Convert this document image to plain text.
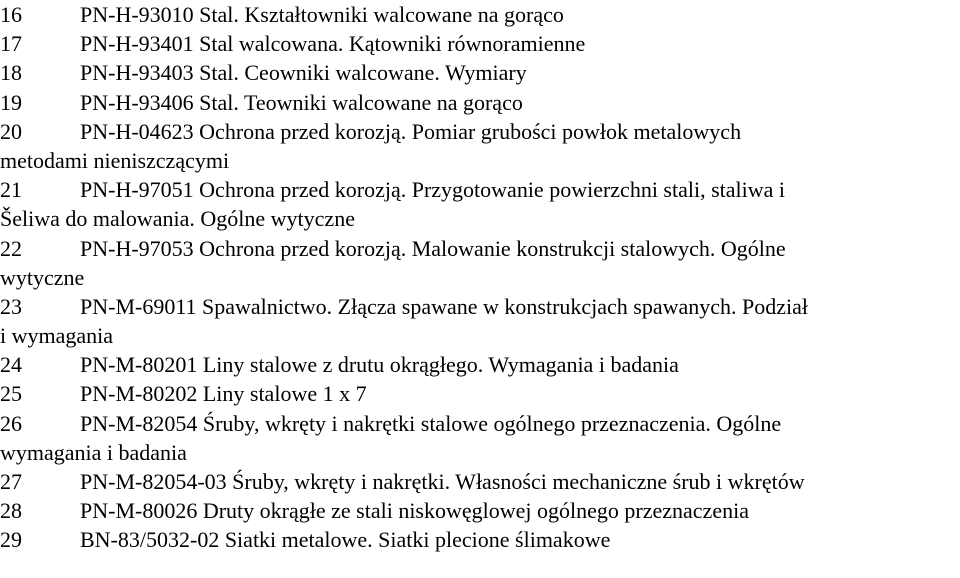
16	PN-H-93010 Stal. Kształtowniki walcowane na gorąco
17	PN-H-93401 Stal walcowana. Kątowniki równoramienne
18	PN-H-93403 Stal. Ceowniki walcowane. Wymiary
19	PN-H-93406 Stal. Teowniki walcowane na gorąco
20	PN-H-04623 Ochrona przed korozją. Pomiar grubości powłok metalowych
metodami nieniszczącymi
21	PN-H-97051 Ochrona przed korozją. Przygotowanie powierzchni stali, staliwa i
Šeliwa do malowania. Ogólne wytyczne
22	PN-H-97053 Ochrona przed korozją. Malowanie konstrukcji stalowych. Ogólne
wytyczne
23	PN-M-69011 Spawalnictwo. Złącza spawane w konstrukcjach spawanych. Podział
i wymagania
24	PN-M-80201 Liny stalowe z drutu okrągłego. Wymagania i badania
25	PN-M-80202 Liny stalowe 1 x 7
26	PN-M-82054 Śruby, wkręty i nakrętki stalowe ogólnego przeznaczenia. Ogólne
wymagania i badania
27	PN-M-82054-03 Śruby, wkręty i nakrętki. Własności mechaniczne śrub i wkrętów
28	PN-M-80026 Druty okrągłe ze stali niskowęglowej ogólnego przeznaczenia
29	BN-83/5032-02 Siatki metalowe. Siatki plecione ślimakowe
